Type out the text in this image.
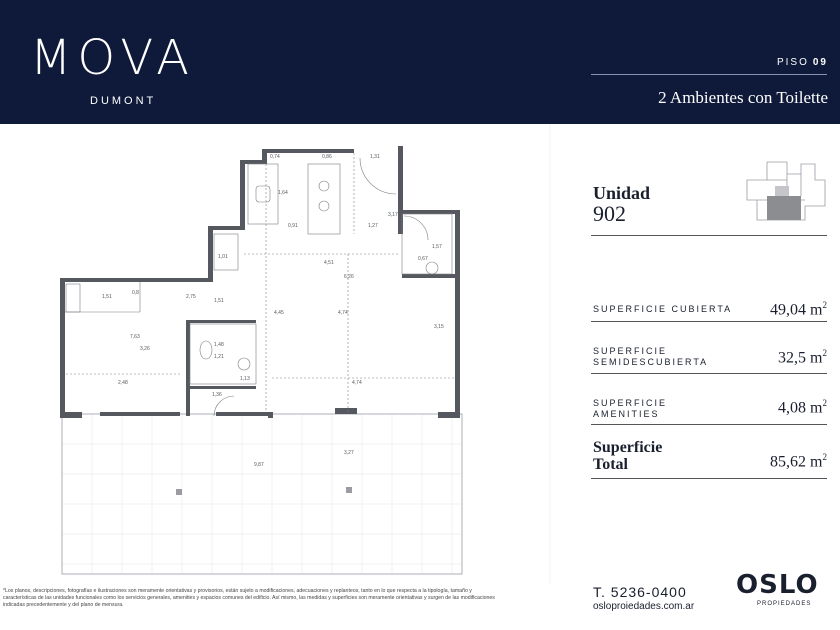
MOVA
DUMONT
PISO 09
2 Ambientes con Toilette
0,74	0,86	1,31
1,64
0,91	1,27
3,17
1,01
4,51
6,26
2,75
1,51
0,8
1,51
4,45	4,74
7,63
3,26
2,48
1,48
1,21
1,13
1,36
4,74
3,15
1,57
0,67
9,87
3,27
Unidad
902
SUPERFICIE CUBIERTA 49,04 $m^2$
SUPERFICIE
SEMIDESCUBIERTA	32,5 $m^2$
SUPERFICIE
AMENITIES	4,08 $m^2$
Superficie
Total	85,62 $m^2$
*Los planos, descripciones, fotografías e ilustraciones son meramente orientativas y provisorios, están sujeto a modificaciones, adecuaciones y replanteos, tanto en lo que respecta a la tipología, tamaño y características de las unidades funcionales como los servicios generales, amenities y espacios comunes del edificio. Así mismo, las medidas y superficies son meramente orientativas y surgen de las modificaciones indicadas precedentemente y del plano de mensura.
T. 5236-0400
osloproiedades.com.ar
OSLO
PROPIEDADES
